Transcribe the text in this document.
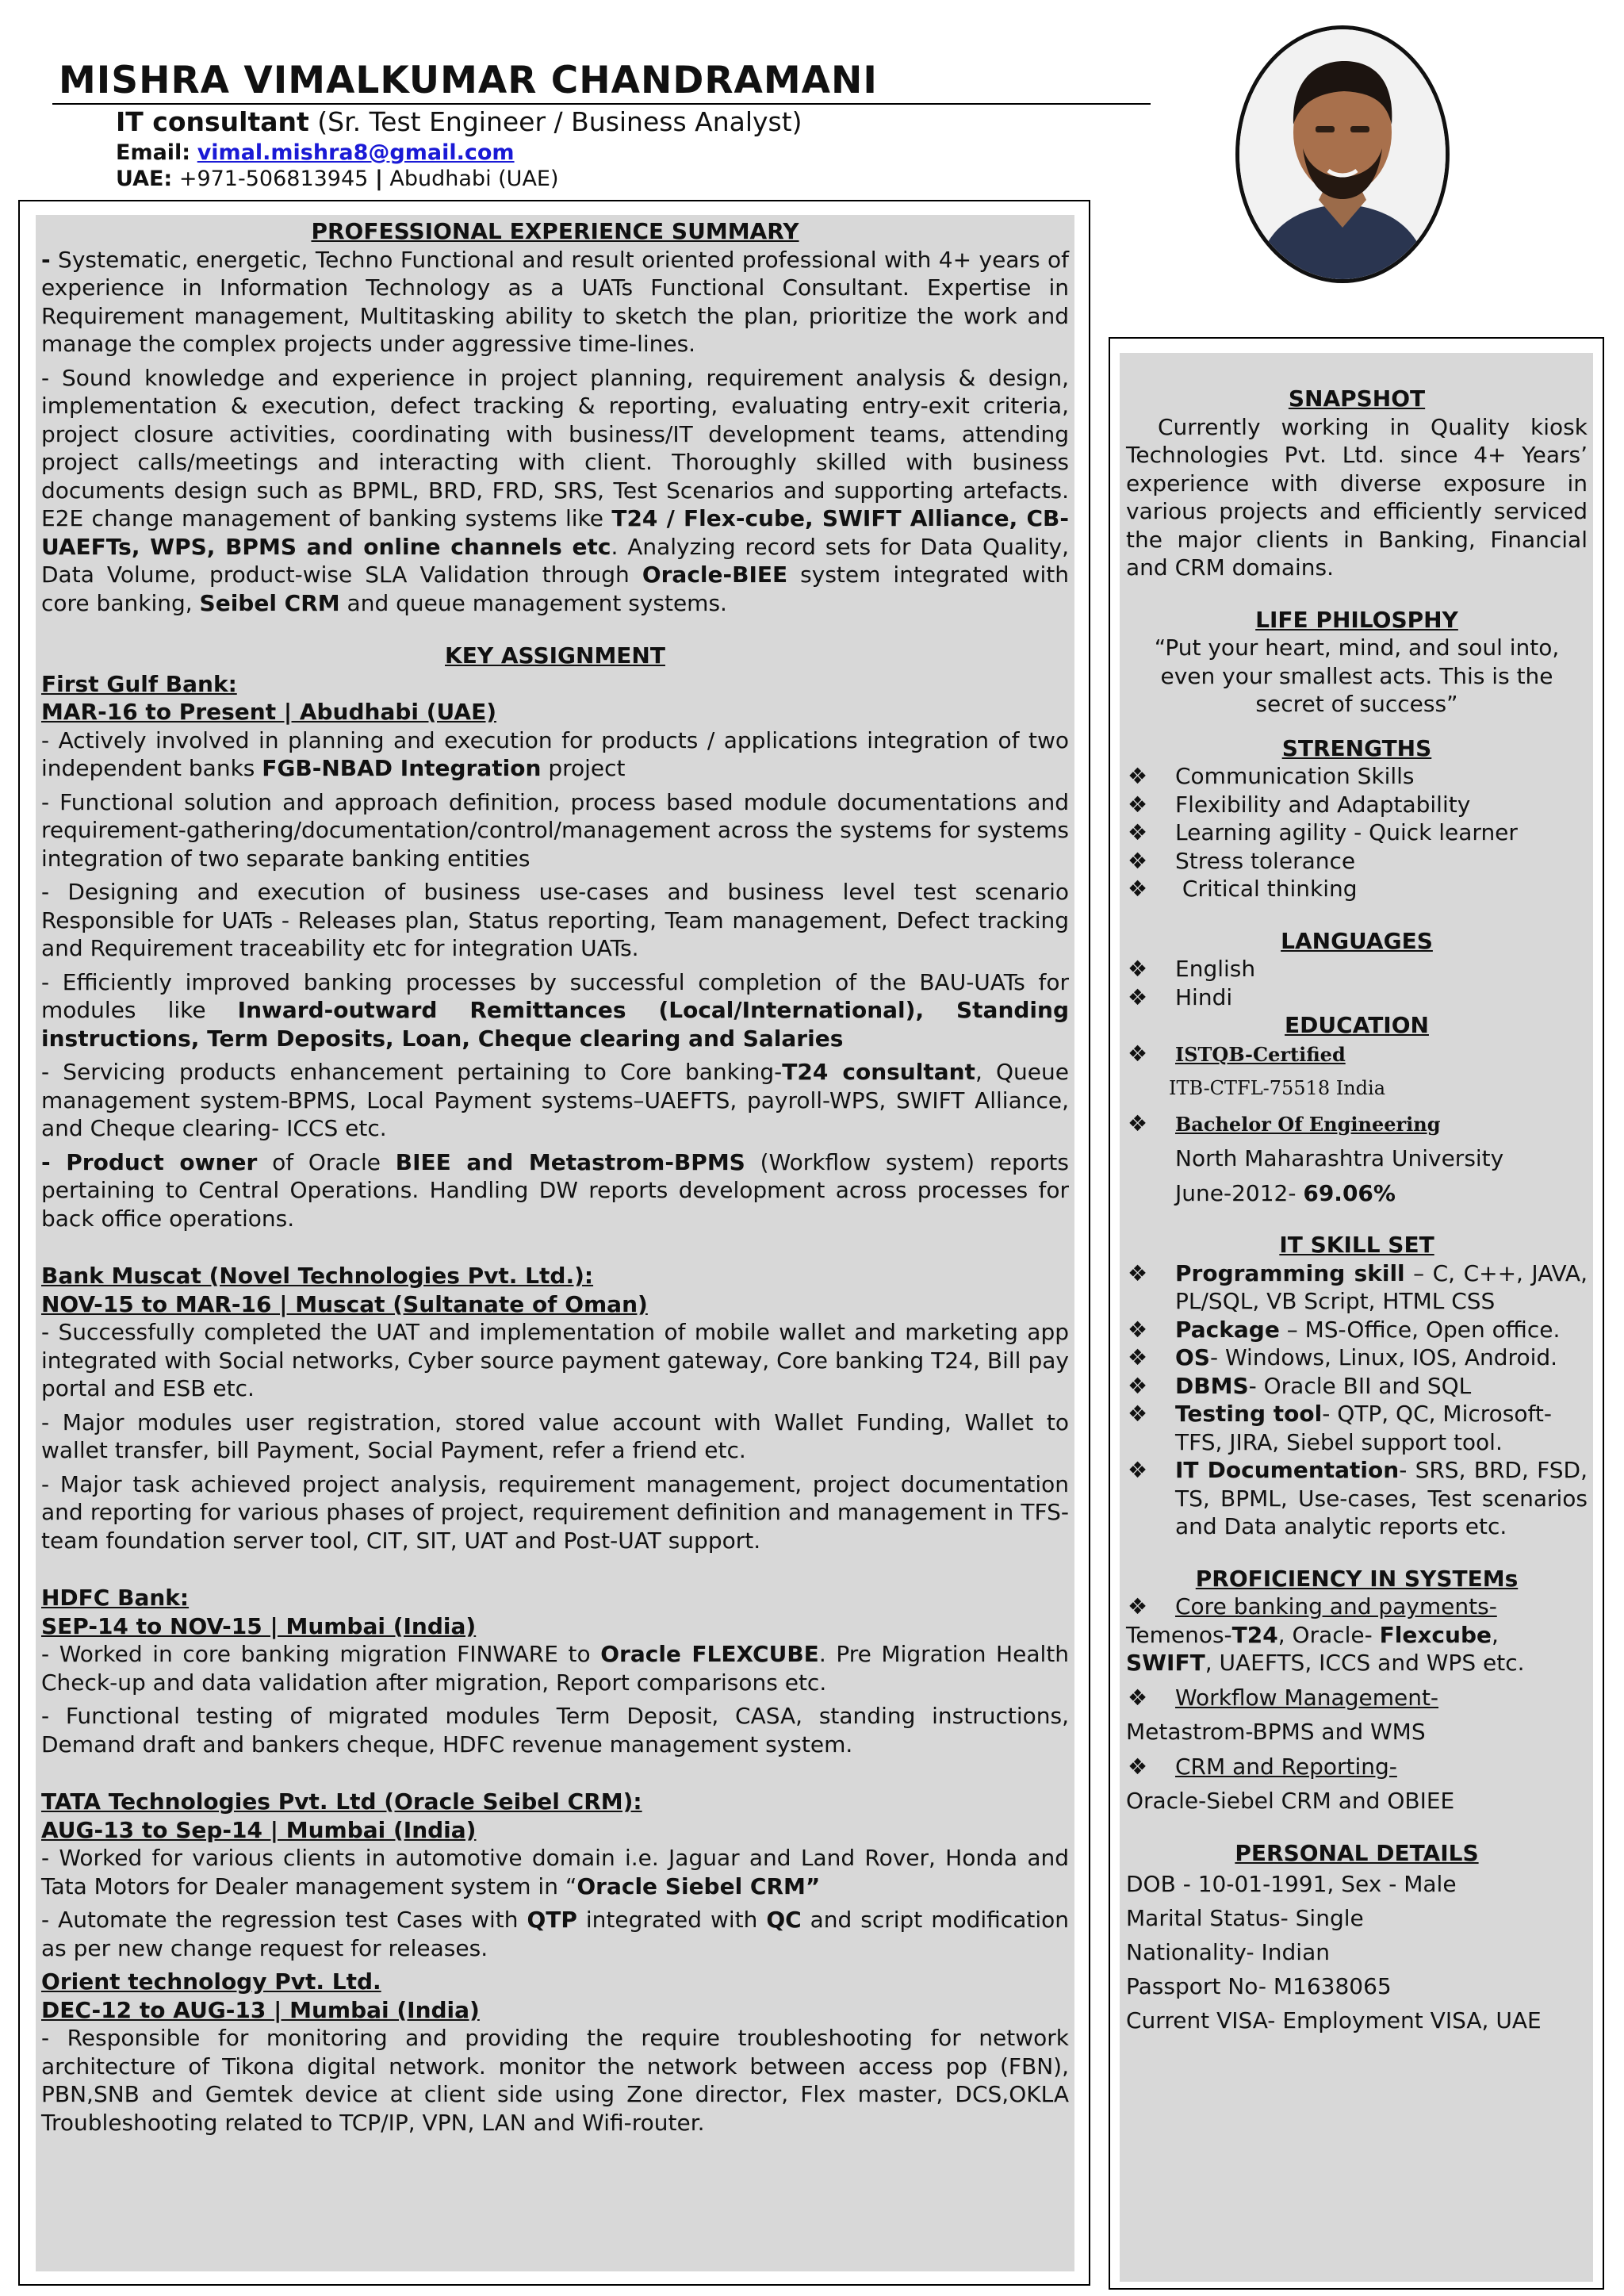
MISHRA VIMALKUMAR CHANDRAMANI
IT consultant (Sr. Test Engineer / Business Analyst)
Email: vimal.mishra8@gmail.com
UAE: +971-506813945 | Abudhabi (UAE)
PROFESSIONAL EXPERIENCE SUMMARY

- Systematic, energetic, Techno Functional and result oriented professional with 4+ years of experience in Information Technology as a UATs Functional Consultant. Expertise in Requirement management, Multitasking ability to sketch the plan, prioritize the work and manage the complex projects under aggressive time-lines.

- Sound knowledge and experience in project planning, requirement analysis & design, implementation & execution, defect tracking & reporting, evaluating entry-exit criteria, project closure activities, coordinating with business/IT development teams, attending project calls/meetings and interacting with client. Thoroughly skilled with business documents design such as BPML, BRD, FRD, SRS, Test Scenarios and supporting artefacts. E2E change management of banking systems like T24 / Flex-cube, SWIFT Alliance, CB-UAEFTs, WPS, BPMS and online channels etc. Analyzing record sets for Data Quality, Data Volume, product-wise SLA Validation through Oracle-BIEE system integrated with core banking, Seibel CRM and queue management systems.

KEY ASSIGNMENT
First Gulf Bank:
MAR-16 to Present | Abudhabi (UAE)

- Actively involved in planning and execution for products / applications integration of two independent banks FGB-NBAD Integration project

- Functional solution and approach definition, process based module documentations and requirement-gathering/documentation/control/management across the systems for systems integration of two separate banking entities

- Designing and execution of business use-cases and business level test scenario Responsible for UATs - Releases plan, Status reporting, Team management, Defect tracking and Requirement traceability etc for integration UATs.

- Efficiently improved banking processes by successful completion of the BAU-UATs for modules like Inward-outward Remittances (Local/International), Standing instructions, Term Deposits, Loan, Cheque clearing and Salaries

- Servicing products enhancement pertaining to Core banking-T24 consultant, Queue management system-BPMS, Local Payment systems–UAEFTS, payroll-WPS, SWIFT Alliance, and Cheque clearing- ICCS etc.

- Product owner of Oracle BIEE and Metastrom-BPMS (Workflow system) reports pertaining to Central Operations. Handling DW reports development across processes for back office operations.

Bank Muscat (Novel Technologies Pvt. Ltd.):
NOV-15 to MAR-16 | Muscat (Sultanate of Oman)

- Successfully completed the UAT and implementation of mobile wallet and marketing app integrated with Social networks, Cyber source payment gateway, Core banking T24, Bill pay portal and ESB etc.

- Major modules user registration, stored value account with Wallet Funding, Wallet to wallet transfer, bill Payment, Social Payment, refer a friend etc.

- Major task achieved project analysis, requirement management, project documentation and reporting for various phases of project, requirement definition and management in TFS-team foundation server tool, CIT, SIT, UAT and Post-UAT support.

HDFC Bank:
SEP-14 to NOV-15 | Mumbai (India)

- Worked in core banking migration FINWARE to Oracle FLEXCUBE. Pre Migration Health Check-up and data validation after migration, Report comparisons etc.

- Functional testing of migrated modules Term Deposit, CASA, standing instructions, Demand draft and bankers cheque, HDFC revenue management system.

TATA Technologies Pvt. Ltd (Oracle Seibel CRM):
AUG-13 to Sep-14 | Mumbai (India)

- Worked for various clients in automotive domain i.e. Jaguar and Land Rover, Honda and Tata Motors for Dealer management system in “Oracle Siebel CRM”

- Automate the regression test Cases with QTP integrated with QC and script modification as per new change request for releases.

Orient technology Pvt. Ltd.
DEC-12 to AUG-13 | Mumbai (India)

- Responsible for monitoring and providing the require troubleshooting for network architecture of Tikona digital network. monitor the network between access pop (FBN), PBN,SNB and Gemtek device at client side using Zone director, Flex master, DCS,OKLA Troubleshooting related to TCP/IP, VPN, LAN and Wifi-router.

SNAPSHOT
Currently working in Quality kiosk Technologies Pvt. Ltd. since 4+ Years’ experience with diverse exposure in various projects and efficiently serviced the major clients in Banking, Financial and CRM domains.
LIFE PHILOSPHY
“Put your heart, mind, and soul into, even your smallest acts. This is the secret of success”
STRENGTHS
❖ Communication Skills
❖ Flexibility and Adaptability
❖ Learning agility - Quick learner
❖ Stress tolerance
❖ Critical thinking
LANGUAGES
❖ English
❖ Hindi
EDUCATION
❖ ISTQB-Certified
ITB-CTFL-75518 India
❖ Bachelor Of Engineering
North Maharashtra University
June-2012- 69.06%
IT SKILL SET
❖ Programming skill – C, C++, JAVA, PL/SQL, VB Script, HTML CSS
❖ Package – MS-Office, Open office.
❖ OS- Windows, Linux, IOS, Android.
❖ DBMS- Oracle BII and SQL
❖ Testing tool- QTP, QC, Microsoft-TFS, JIRA, Siebel support tool.
❖ IT Documentation- SRS, BRD, FSD, TS, BPML, Use-cases, Test scenarios and Data analytic reports etc.
PROFICIENCY IN SYSTEMs
❖ Core banking and payments-
Temenos-T24, Oracle- Flexcube, SWIFT, UAEFTS, ICCS and WPS etc.
❖ Workflow Management-
Metastrom-BPMS and WMS
❖ CRM and Reporting-
Oracle-Siebel CRM and OBIEE
PERSONAL DETAILS
DOB - 10-01-1991, Sex - Male
Marital Status- Single
Nationality- Indian
Passport No- M1638065
Current VISA- Employment VISA, UAE
